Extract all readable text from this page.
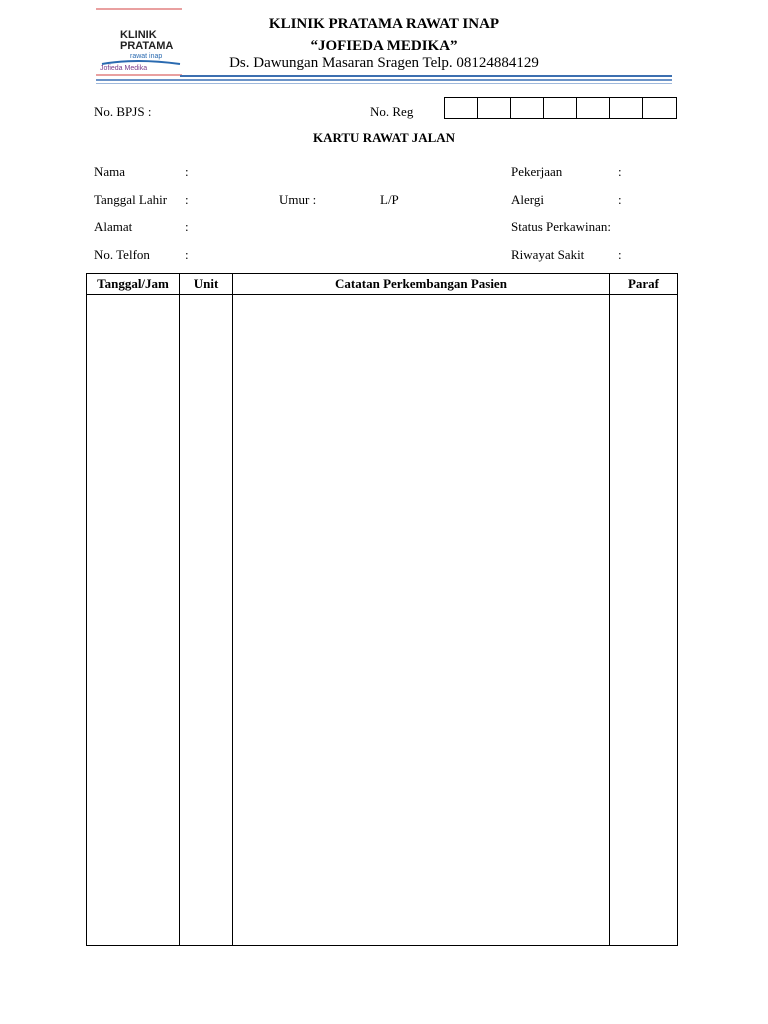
KLINIK
PRATAMA
rawat inap
Jofieda Medika
KLINIK PRATAMA RAWAT INAP
“JOFIEDA MEDIKA”
Ds. Dawungan Masaran Sragen Telp. 08124884129
No. BPJS :	No. Reg
KARTU RAWAT JALAN
Nama	:
Tanggal Lahir :	Umur :	L/P
Alamat	:
No. Telfon	:
Pekerjaan	:
Alergi	:
Status Perkawinan:
Riwayat Sakit	:
Tanggal/Jam	Unit	Catatan Perkembangan Pasien	Paraf
